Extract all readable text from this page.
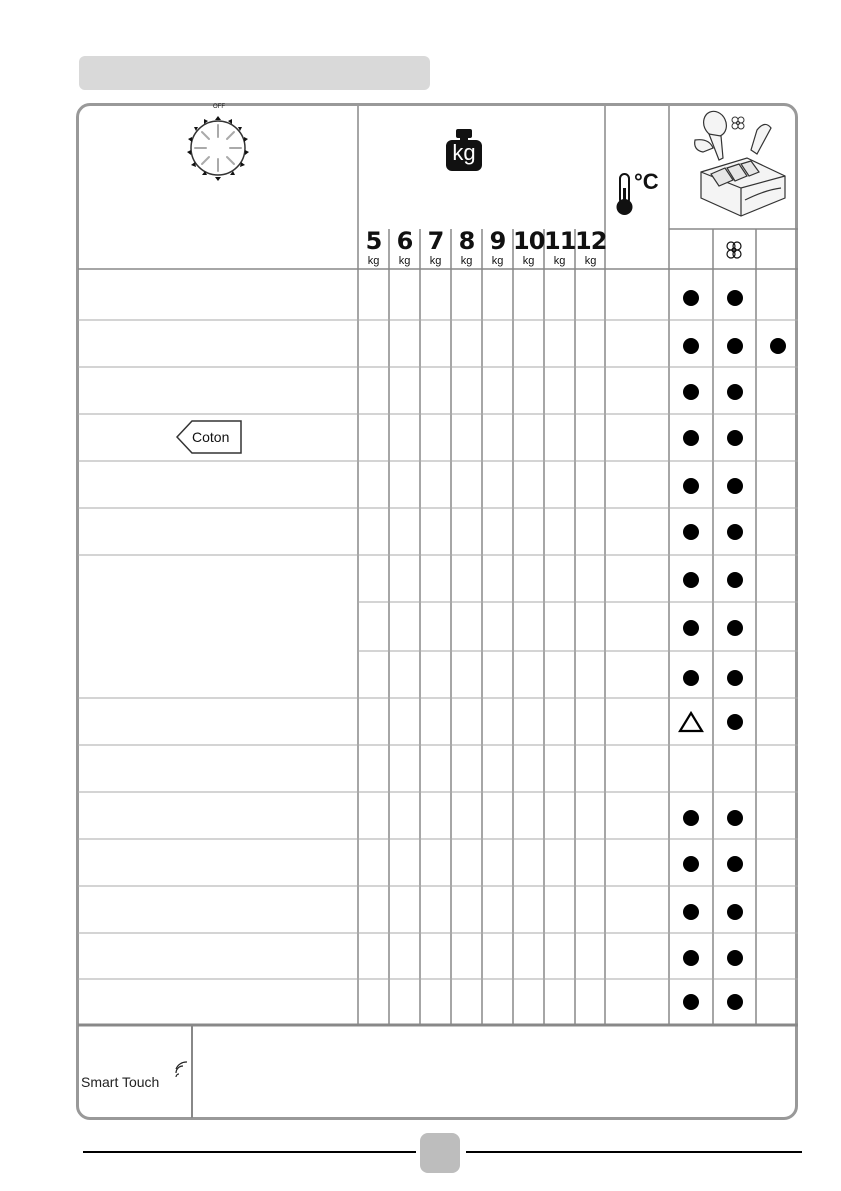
OFF
kg
5
kg
6
kg
7
kg
8
kg
9
kg
10
kg
11
kg
12
kg
°C
Coton
Smart Touch
